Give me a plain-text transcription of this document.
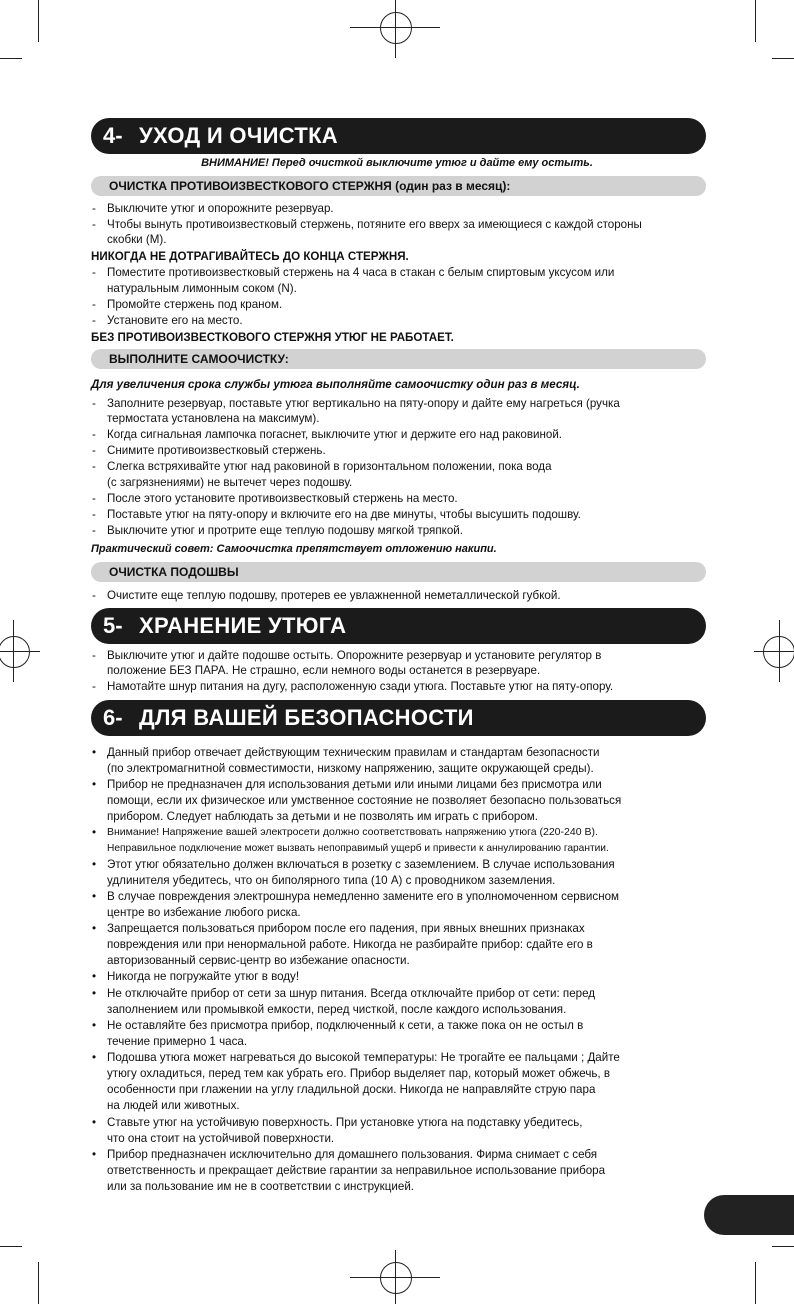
4- УХОД И ОЧИСТКА
ВНИМАНИЕ! Перед очисткой выключите утюг и дайте ему остыть.
ОЧИСТКА ПРОТИВОИЗВЕСТКОВОГО СТЕРЖНЯ (один раз в месяц):
- Выключите утюг и опорожните резервуар.
- Чтобы вынуть противоизвестковый стержень, потяните его вверх за имеющиеся с каждой стороны
скобки (M).
НИКОГДА НЕ ДОТРАГИВАЙТЕСЬ ДО КОНЦА СТЕРЖНЯ.
- Поместите противоизвестковый стержень на 4 часа в стакан с белым спиртовым уксусом или
натуральным лимонным соком (N).
- Промойте стержень под краном.
- Установите его на место.
БЕЗ ПРОТИВОИЗВЕСТКОВОГО СТЕРЖНЯ УТЮГ НЕ РАБОТАЕТ.
ВЫПОЛНИТЕ САМООЧИСТКУ:
Для увеличения срока службы утюга выполняйте самоочистку один раз в месяц.
- Заполните резервуар, поставьте утюг вертикально на пяту-опору и дайте ему нагреться (ручка
термостата установлена на максимум).
- Когда сигнальная лампочка погаснет, выключите утюг и держите его над раковиной.
- Снимите противоизвестковый стержень.
- Слегка встряхивайте утюг над раковиной в горизонтальном положении, пока вода
(с загрязнениями) не вытечет через подошву.
- После этого установите противоизвестковый стержень на место.
- Поставьте утюг на пяту-опору и включите его на две минуты, чтобы высушить подошву.
- Выключите утюг и протрите еще теплую подошву мягкой тряпкой.
Практический совет: Самоочистка препятствует отложению накипи.
ОЧИСТКА ПОДОШВЫ
- Очистите еще теплую подошву, протерев ее увлажненной неметаллической губкой.
5- ХРАНЕНИЕ УТЮГА
- Выключите утюг и дайте подошве остыть. Опорожните резервуар и установите регулятор в
положение БЕЗ ПАРА. Не страшно, если немного воды останется в резервуаре.
- Намотайте шнур питания на дугу, расположенную сзади утюга. Поставьте утюг на пяту-опору.
6- ДЛЯ ВАШЕЙ БЕЗОПАСНОСТИ
• Данный прибор отвечает действующим техническим правилам и стандартам безопасности
(по электромагнитной совместимости, низкому напряжению, защите окружающей среды).
• Прибор не предназначен для использования детьми или иными лицами без присмотра или
помощи, если их физическое или умственное состояние не позволяет безопасно пользоваться
прибором. Следует наблюдать за детьми и не позволять им играть с прибором.
• Внимание! Напряжение вашей электросети должно соответствовать напряжению утюга (220-240 В).
Неправильное подключение может вызвать непоправимый ущерб и привести к аннулированию гарантии.
• Этот утюг обязательно должен включаться в розетку с заземлением. В случае использования
удлинителя убедитесь, что он биполярного типа (10 A) с проводником заземления.
• В случае повреждения электрошнура немедленно замените его в уполномоченном сервисном
центре во избежание любого риска.
• Запрещается пользоваться прибором после его падения, при явных внешних признаках
повреждения или при ненормальной работе. Никогда не разбирайте прибор: сдайте его в
авторизованный сервис-центр во избежание опасности.
• Никогда не погружайте утюг в воду!
• Не отключайте прибор от сети за шнур питания. Всегда отключайте прибор от сети: перед
заполнением или промывкой емкости, перед чисткой, после каждого использования.
• Не оставляйте без присмотра прибор, подключенный к сети, а также пока он не остыл в
течение примерно 1 часа.
• Подошва утюга может нагреваться до высокой температуры: Не трогайте ее пальцами ; Дайте
утюгу охладиться, перед тем как убрать его. Прибор выделяет пар, который может обжечь, в
особенности при глажении на углу гладильной доски. Никогда не направляйте струю пара
на людей или животных.
• Ставьте утюг на устойчивую поверхность. При установке утюга на подставку убедитесь,
что она стоит на устойчивой поверхности.
• Прибор предназначен исключительно для домашнего пользования. Фирма снимает с себя
ответственность и прекращает действие гарантии за неправильное использование прибора
или за пользование им не в соответствии с инструкцией.
